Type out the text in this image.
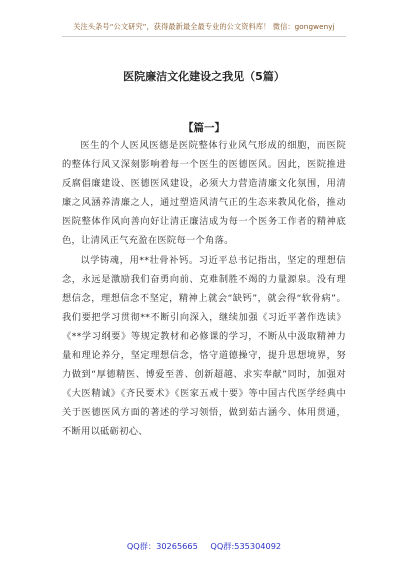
关注头条号“公文研究”，获得最新最全最专业的公文资料库！ 微信：gongwenyj
医院廉洁文化建设之我见（5篇）
【篇一】

医生的个人医风医德是医院整体行业风气形成的细胞，而医院的整体行风又深刻影响着每一个医生的医德医风。因此，医院推进反腐倡廉建设、医德医风建设，必须大力营造清廉文化氛围，用清廉之风涵养清廉之人，通过塑造风清气正的生态来教风化俗，推动医院整体作风向善向好让清正廉洁成为每一个医务工作者的精神底色，让清风正气充盈在医院每一个角落。

以学铸魂，用**壮骨补钙。习近平总书记指出，坚定的理想信念，永远是激励我们奋勇向前、克难制胜不竭的力量源泉。没有理想信念，理想信念不坚定，精神上就会“缺钙”，就会得“软骨病”。我们要把学习贯彻**不断引向深入，继续加强《习近平著作选读》《**学习纲要》等规定教材和必修课的学习，不断从中汲取精神力量和理论养分，坚定理想信念，恪守道德操守，提升思想境界，努力做到“厚德精医、博爱至善、创新超越、求实奉献”同时，加强对《大医精诚》《齐民要术》《医家五戒十要》等中国古代医学经典中关于医德医风方面的著述的学习领悟，做到茹古涵今、体用贯通，不断用以砥砺初心、

QQ群：30265665 QQ群:535304092
